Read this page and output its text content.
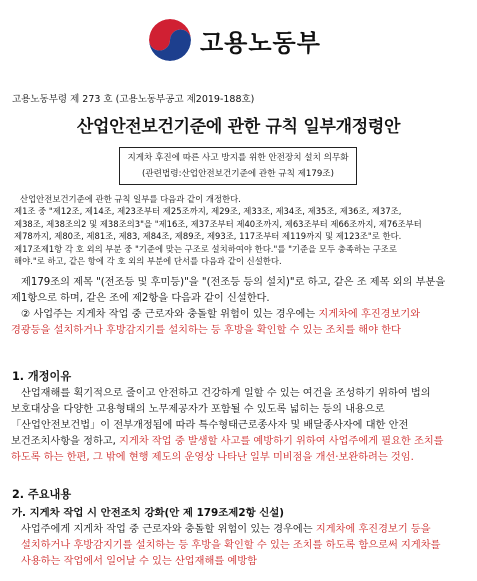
고용노동부
고용노동부령 제 273 호 (고용노동부공고 제2019-188호)
산업안전보건기준에 관한 규칙 일부개정령안
지게차 후진에 따른 사고 방지를 위한 안전장치 설치 의무화
(관련법령:산업안전보건기준에 관한 규칙 제179조)
산업안전보건기준에 관한 규칙 일부를 다음과 같이 개정한다.
제1조 중 "제12조, 제14조, 제23조부터 제25조까지, 제29조, 제33조, 제34조, 제35조, 제36조, 제37조,
제38조, 제38조의2 및 제38조의3"을 "제16조, 제37조부터 제40조까지, 제63조부터 제66조까지, 제76조부터
제78까지, 제80조, 제81조, 제83, 제84조, 제89조, 제93조, 117조부터 제119까지 및 제123조"로 한다.
제17조제1항 각 호 외의 부분 중 "기준에 맞는 구조로 설치하여야 한다."를 "기준을 모두 충족하는 구조로
해야."로 하고, 같은 항에 각 호 외의 부분에 단서를 다음과 같이 신설한다.
제179조의 제목 "(전조등 및 후미등)"을 "(전조등 등의 설치)"로 하고, 같은 조 제목 외의 부분을
제1항으로 하며, 같은 조에 제2항을 다음과 같이 신설한다.
② 사업주는 지게차 작업 중 근로자와 충돌할 위험이 있는 경우에는 지게차에 후진경보기와
경광등을 설치하거나 후방감지기를 설치하는 등 후방을 확인할 수 있는 조치를 해야 한다
1. 개정이유
산업재해를 획기적으로 줄이고 안전하고 건강하게 일할 수 있는 여건을 조성하기 위하여 법의
보호대상을 다양한 고용형태의 노무제공자가 포함될 수 있도록 넓히는 등의 내용으로
「산업안전보건법」이 전부개정됨에 따라 특수형태근로종사자 및 배달종사자에 대한 안전
보건조치사항을 정하고, 지게차 작업 중 발생할 사고를 예방하기 위하여 사업주에게 필요한 조치를
하도록 하는 한편, 그 밖에 현행 제도의 운영상 나타난 일부 미비점을 개선·보완하려는 것임.
2. 주요내용
가. 지게차 작업 시 안전조치 강화(안 제 179조제2항 신설)
사업주에게 지게차 작업 중 근로자와 충돌할 위험이 있는 경우에는 지게차에 후진경보기 등을
설치하거나 후방감지기를 설치하는 등 후방을 확인할 수 있는 조치를 하도록 함으로써 지게차를
사용하는 작업에서 일어날 수 있는 산업재해를 예방함
